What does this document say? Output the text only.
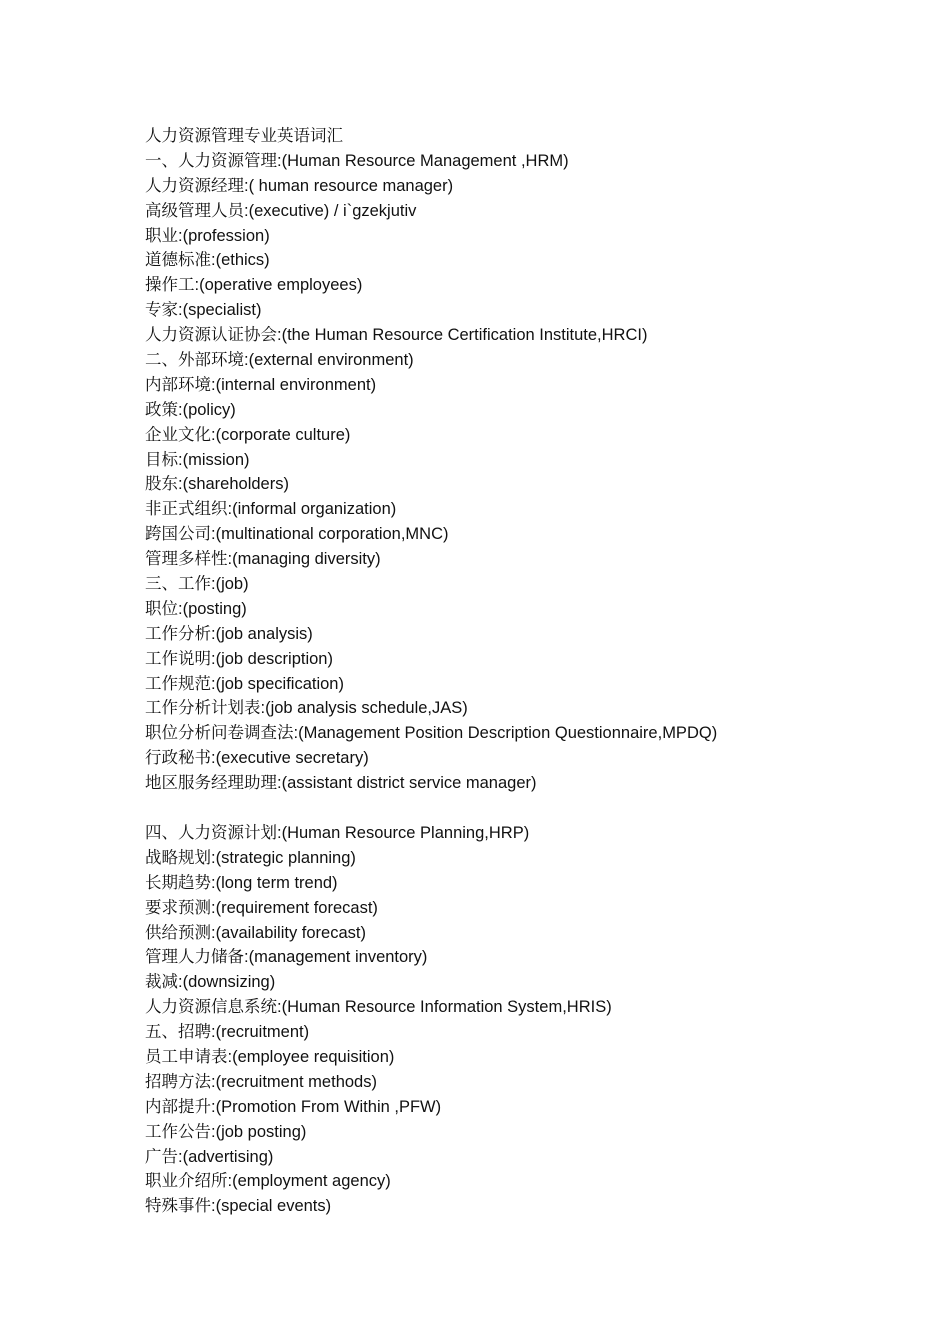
人力资源管理专业英语词汇
一、人力资源管理:(Human Resource Management ,HRM)
人力资源经理:( human resource manager)
高级管理人员:(executive) / i`gzekjutiv
职业:(profession)
道德标准:(ethics)
操作工:(operative employees)
专家:(specialist)
人力资源认证协会:(the Human Resource Certification Institute,HRCI)
二、外部环境:(external environment)
内部环境:(internal environment)
政策:(policy)
企业文化:(corporate culture)
目标:(mission)
股东:(shareholders)
非正式组织:(informal organization)
跨国公司:(multinational corporation,MNC)
管理多样性:(managing diversity)
三、工作:(job)
职位:(posting)
工作分析:(job analysis)
工作说明:(job description)
工作规范:(job specification)
工作分析计划表:(job analysis schedule,JAS)
职位分析问卷调查法:(Management Position Description Questionnaire,MPDQ)
行政秘书:(executive secretary)
地区服务经理助理:(assistant district service manager)
四、人力资源计划:(Human Resource Planning,HRP)
战略规划:(strategic planning)
长期趋势:(long term trend)
要求预测:(requirement forecast)
供给预测:(availability forecast)
管理人力储备:(management inventory)
裁减:(downsizing)
人力资源信息系统:(Human Resource Information System,HRIS)
五、招聘:(recruitment)
员工申请表:(employee requisition)
招聘方法:(recruitment methods)
内部提升:(Promotion From Within ,PFW)
工作公告:(job posting)
广告:(advertising)
职业介绍所:(employment agency)
特殊事件:(special events)
